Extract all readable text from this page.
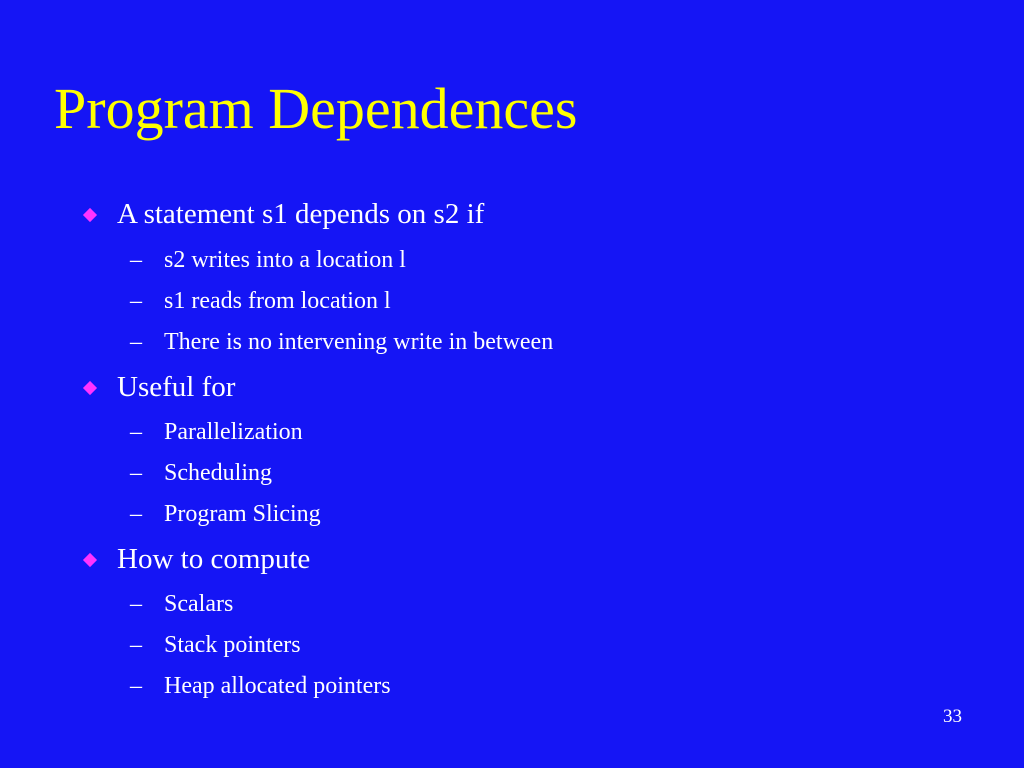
Program Dependences
A statement s1 depends on s2 if
– s2 writes into a location l
– s1 reads from location l
– There is no intervening write in between
Useful for
– Parallelization
– Scheduling
– Program Slicing
How to compute
– Scalars
– Stack pointers
– Heap allocated pointers
33
